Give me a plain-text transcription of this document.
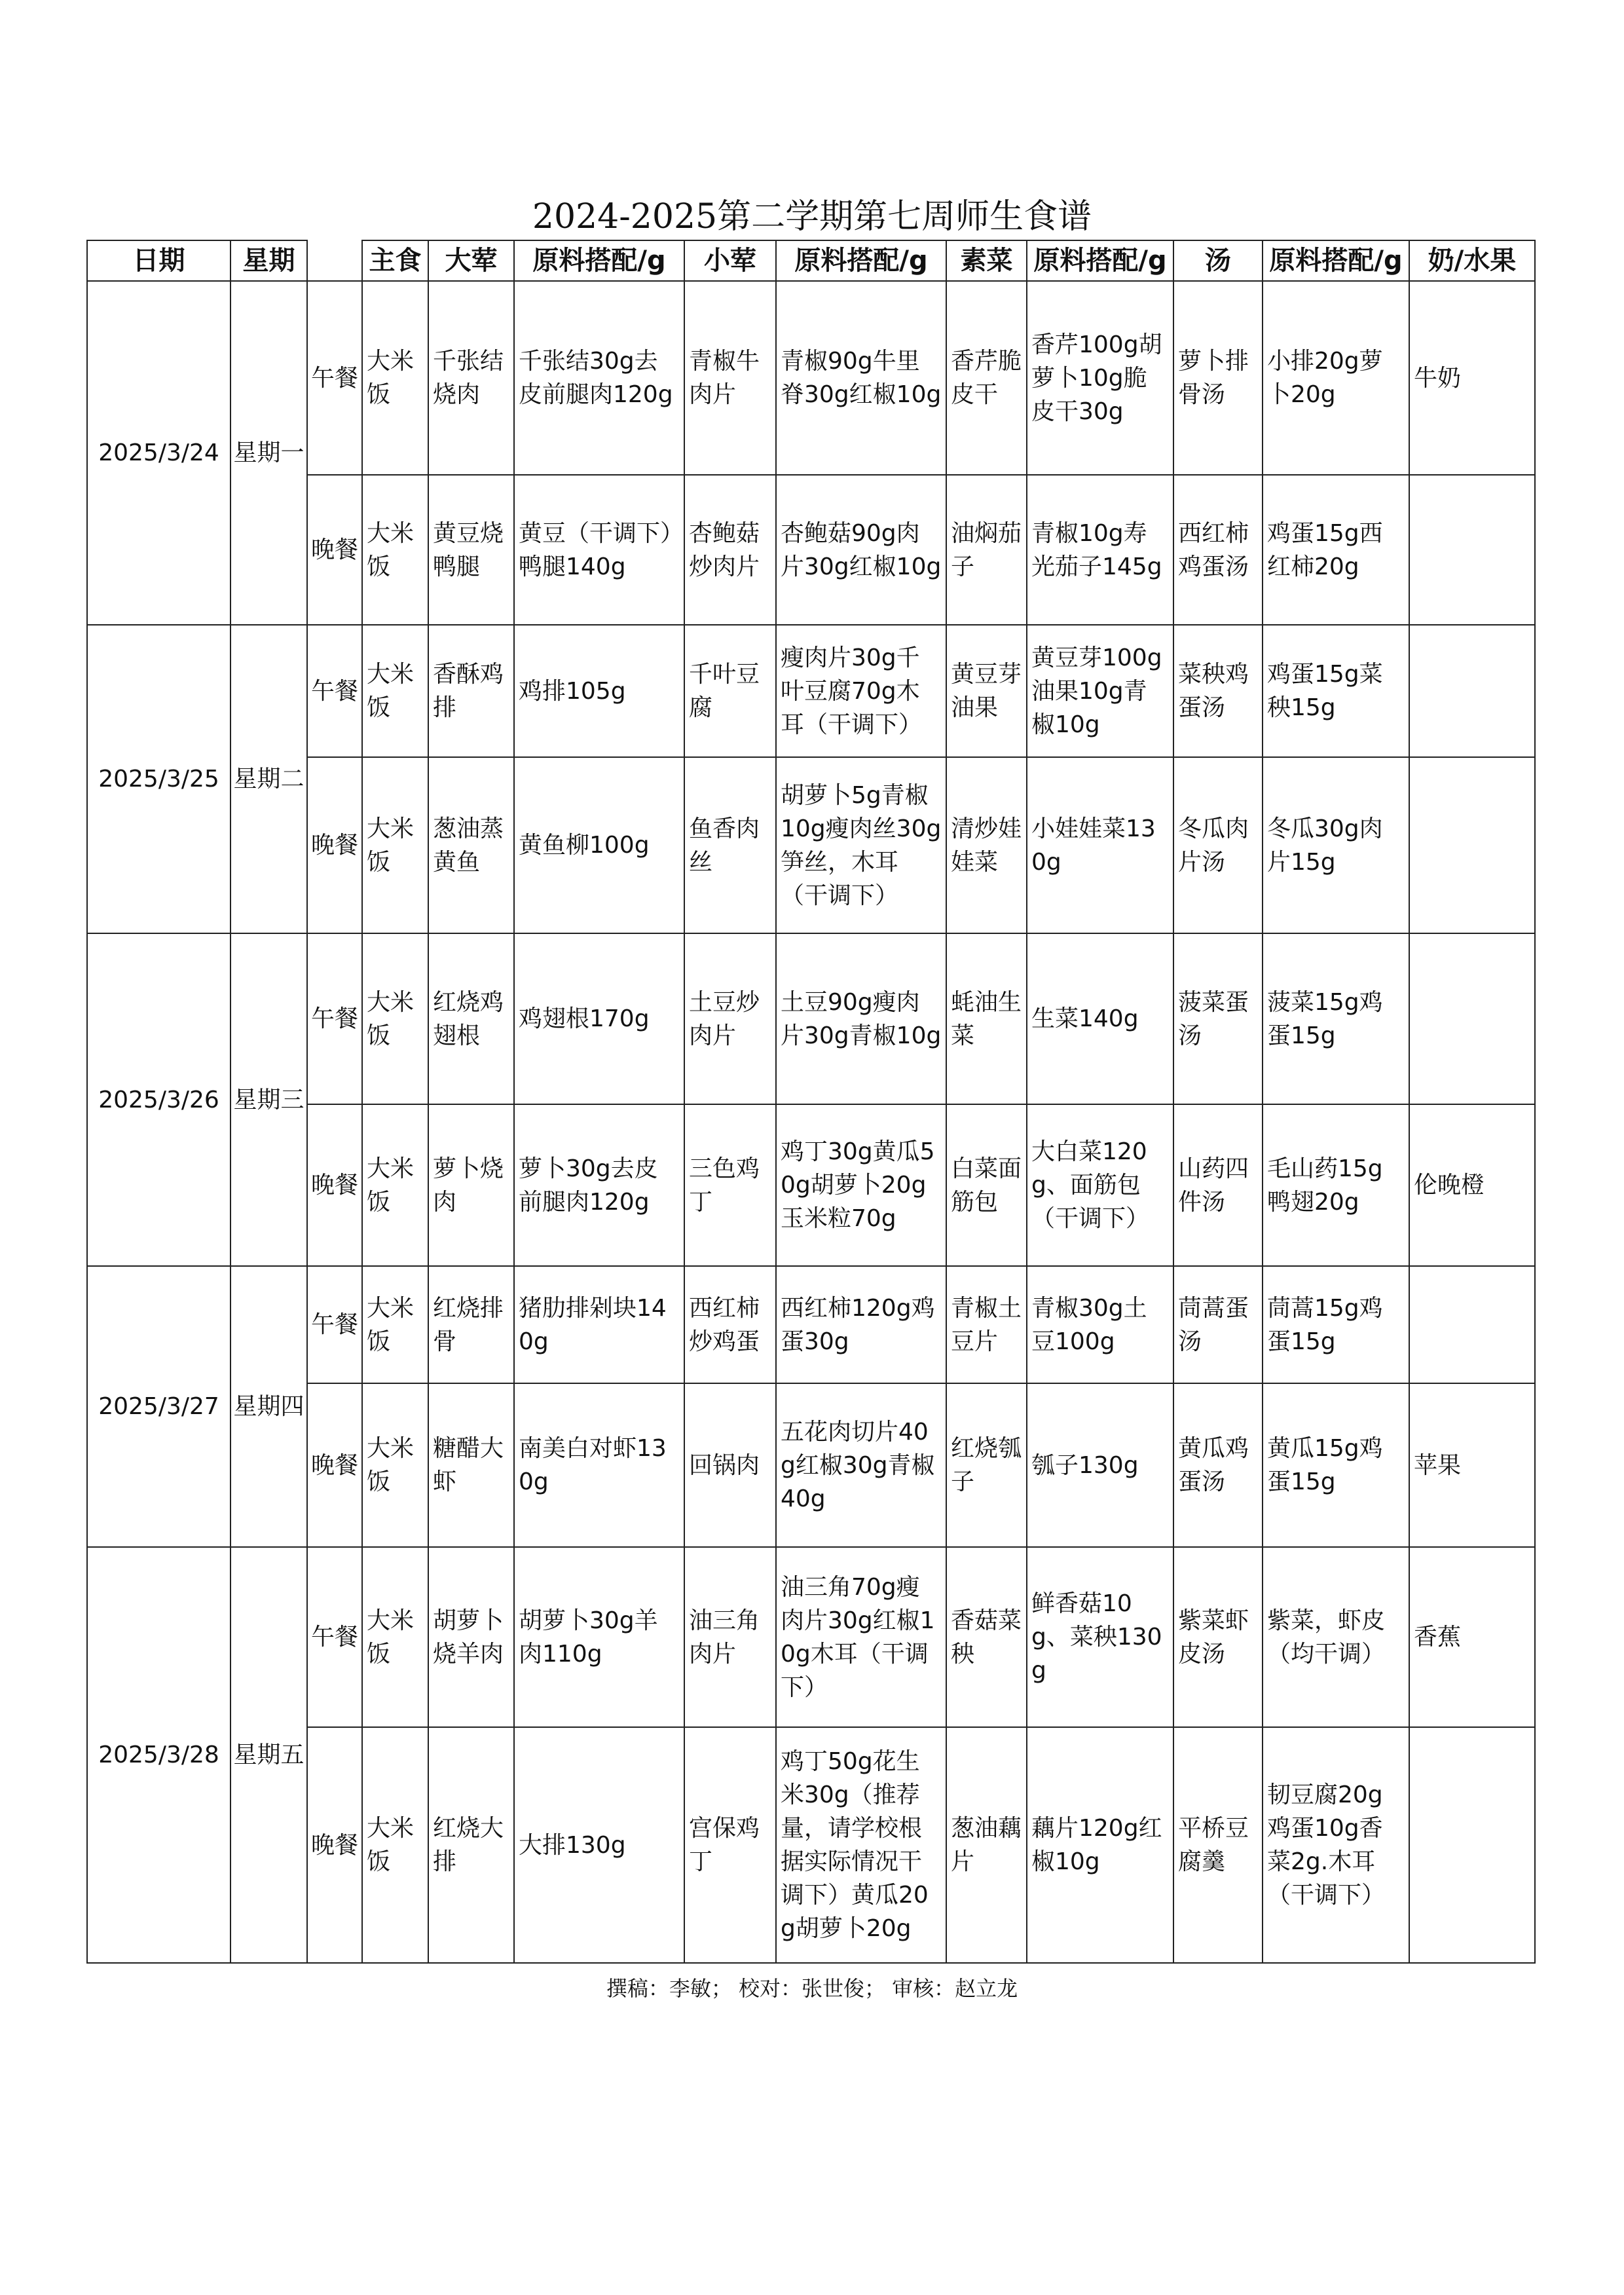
2024-2025第二学期第七周师生食谱
日期	星期		主食	大荤	原料搭配/g	小荤	原料搭配/g	素菜	原料搭配/g	汤	原料搭配/g	奶/水果
2025/3/24	星期一	午餐	大米饭	千张结烧肉	千张结30g去皮前腿肉120g	青椒牛肉片	青椒90g牛里脊30g红椒10g	香芹脆皮干	香芹100g胡萝卜10g脆皮干30g	萝卜排骨汤	小排20g萝卜20g	牛奶
		晚餐	大米饭	黄豆烧鸭腿	黄豆（干调下）鸭腿140g	杏鲍菇炒肉片	杏鲍菇90g肉片30g红椒10g	油焖茄子	青椒10g寿光茄子145g	西红柿鸡蛋汤	鸡蛋15g西红柿20g	
2025/3/25	星期二	午餐	大米饭	香酥鸡排	鸡排105g	千叶豆腐	瘦肉片30g千叶豆腐70g木耳（干调下）	黄豆芽油果	黄豆芽100g油果10g青椒10g	菜秧鸡蛋汤	鸡蛋15g菜秧15g	
		晚餐	大米饭	葱油蒸黄鱼	黄鱼柳100g	鱼香肉丝	胡萝卜5g青椒10g瘦肉丝30g笋丝，木耳（干调下）	清炒娃娃菜	小娃娃菜130g	冬瓜肉片汤	冬瓜30g肉片15g	
2025/3/26	星期三	午餐	大米饭	红烧鸡翅根	鸡翅根170g	土豆炒肉片	土豆90g瘦肉片30g青椒10g	蚝油生菜	生菜140g	菠菜蛋汤	菠菜15g鸡蛋15g	
		晚餐	大米饭	萝卜烧肉	萝卜30g去皮前腿肉120g	三色鸡丁	鸡丁30g黄瓜50g胡萝卜20g玉米粒70g	白菜面筋包	大白菜120g、面筋包（干调下）	山药四件汤	毛山药15g鸭翅20g	伦晚橙
2025/3/27	星期四	午餐	大米饭	红烧排骨	猪肋排剁块140g	西红柿炒鸡蛋	西红柿120g鸡蛋30g	青椒土豆片	青椒30g土豆100g	茼蒿蛋汤	茼蒿15g鸡蛋15g	
		晚餐	大米饭	糖醋大虾	南美白对虾130g	回锅肉	五花肉切片40g红椒30g青椒40g	红烧瓠子	瓠子130g	黄瓜鸡蛋汤	黄瓜15g鸡蛋15g	苹果
2025/3/28	星期五	午餐	大米饭	胡萝卜烧羊肉	胡萝卜30g羊肉110g	油三角肉片	油三角70g瘦肉片30g红椒10g木耳（干调下）	香菇菜秧	鲜香菇10g、菜秧130g	紫菜虾皮汤	紫菜，虾皮（均干调）	香蕉
		晚餐	大米饭	红烧大排	大排130g	宫保鸡丁	鸡丁50g花生米30g（推荐量，请学校根据实际情况干调下）黄瓜20g胡萝卜20g	葱油藕片	藕片120g红椒10g	平桥豆腐羹	韧豆腐20g鸡蛋10g香菜2g.木耳（干调下）	
撰稿：李敏； 校对：张世俊； 审核：赵立龙
